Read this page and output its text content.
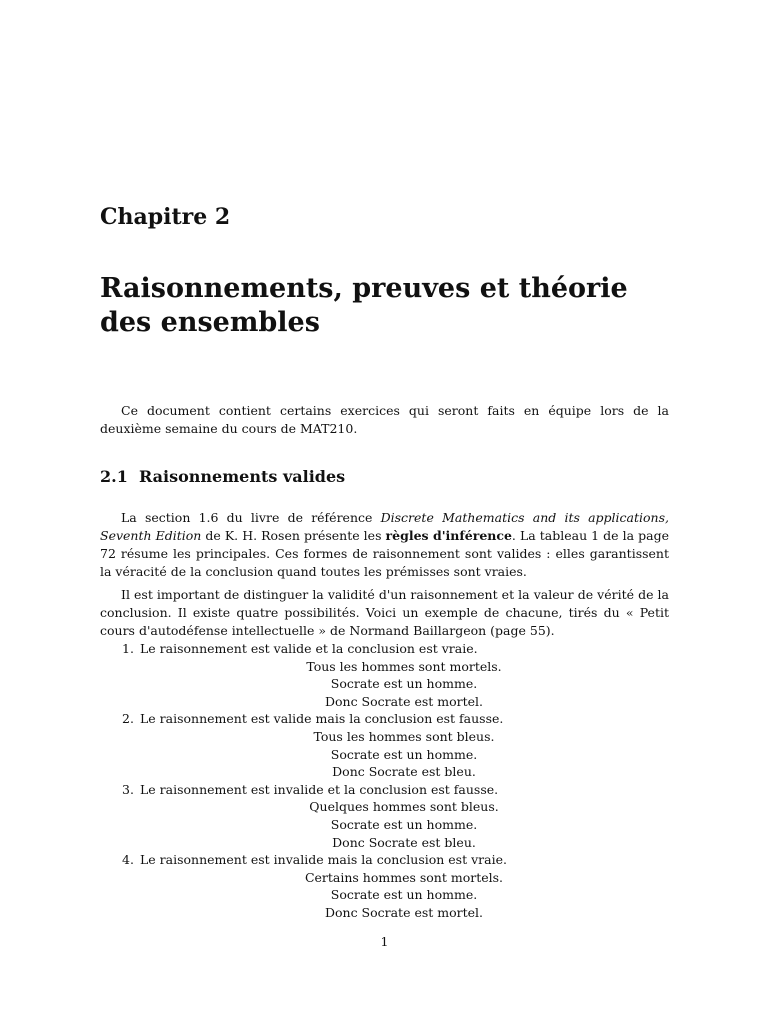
Chapitre 2
Raisonnements, preuves et théorie des ensembles

Ce document contient certains exercices qui seront faits en équipe lors de la deuxième semaine du cours de MAT210.

2.1 Raisonnements valides

La section 1.6 du livre de référence Discrete Mathematics and its applications, Seventh Edition de K. H. Rosen présente les règles d'inférence. La tableau 1 de la page 72 résume les principales. Ces formes de raisonnement sont valides : elles garantissent la véracité de la conclusion quand toutes les prémisses sont vraies.

Il est important de distinguer la validité d'un raisonnement et la valeur de vérité de la conclusion. Il existe quatre possibilités. Voici un exemple de chacune, tirés du « Petit cours d'autodéfense intellectuelle » de Normand Baillargeon (page 55).

1. Le raisonnement est valide et la conclusion est vraie.
Tous les hommes sont mortels.
Socrate est un homme.
Donc Socrate est mortel.
2. Le raisonnement est valide mais la conclusion est fausse.
Tous les hommes sont bleus.
Socrate est un homme.
Donc Socrate est bleu.
3. Le raisonnement est invalide et la conclusion est fausse.
Quelques hommes sont bleus.
Socrate est un homme.
Donc Socrate est bleu.
4. Le raisonnement est invalide mais la conclusion est vraie.
Certains hommes sont mortels.
Socrate est un homme.
Donc Socrate est mortel.
1
